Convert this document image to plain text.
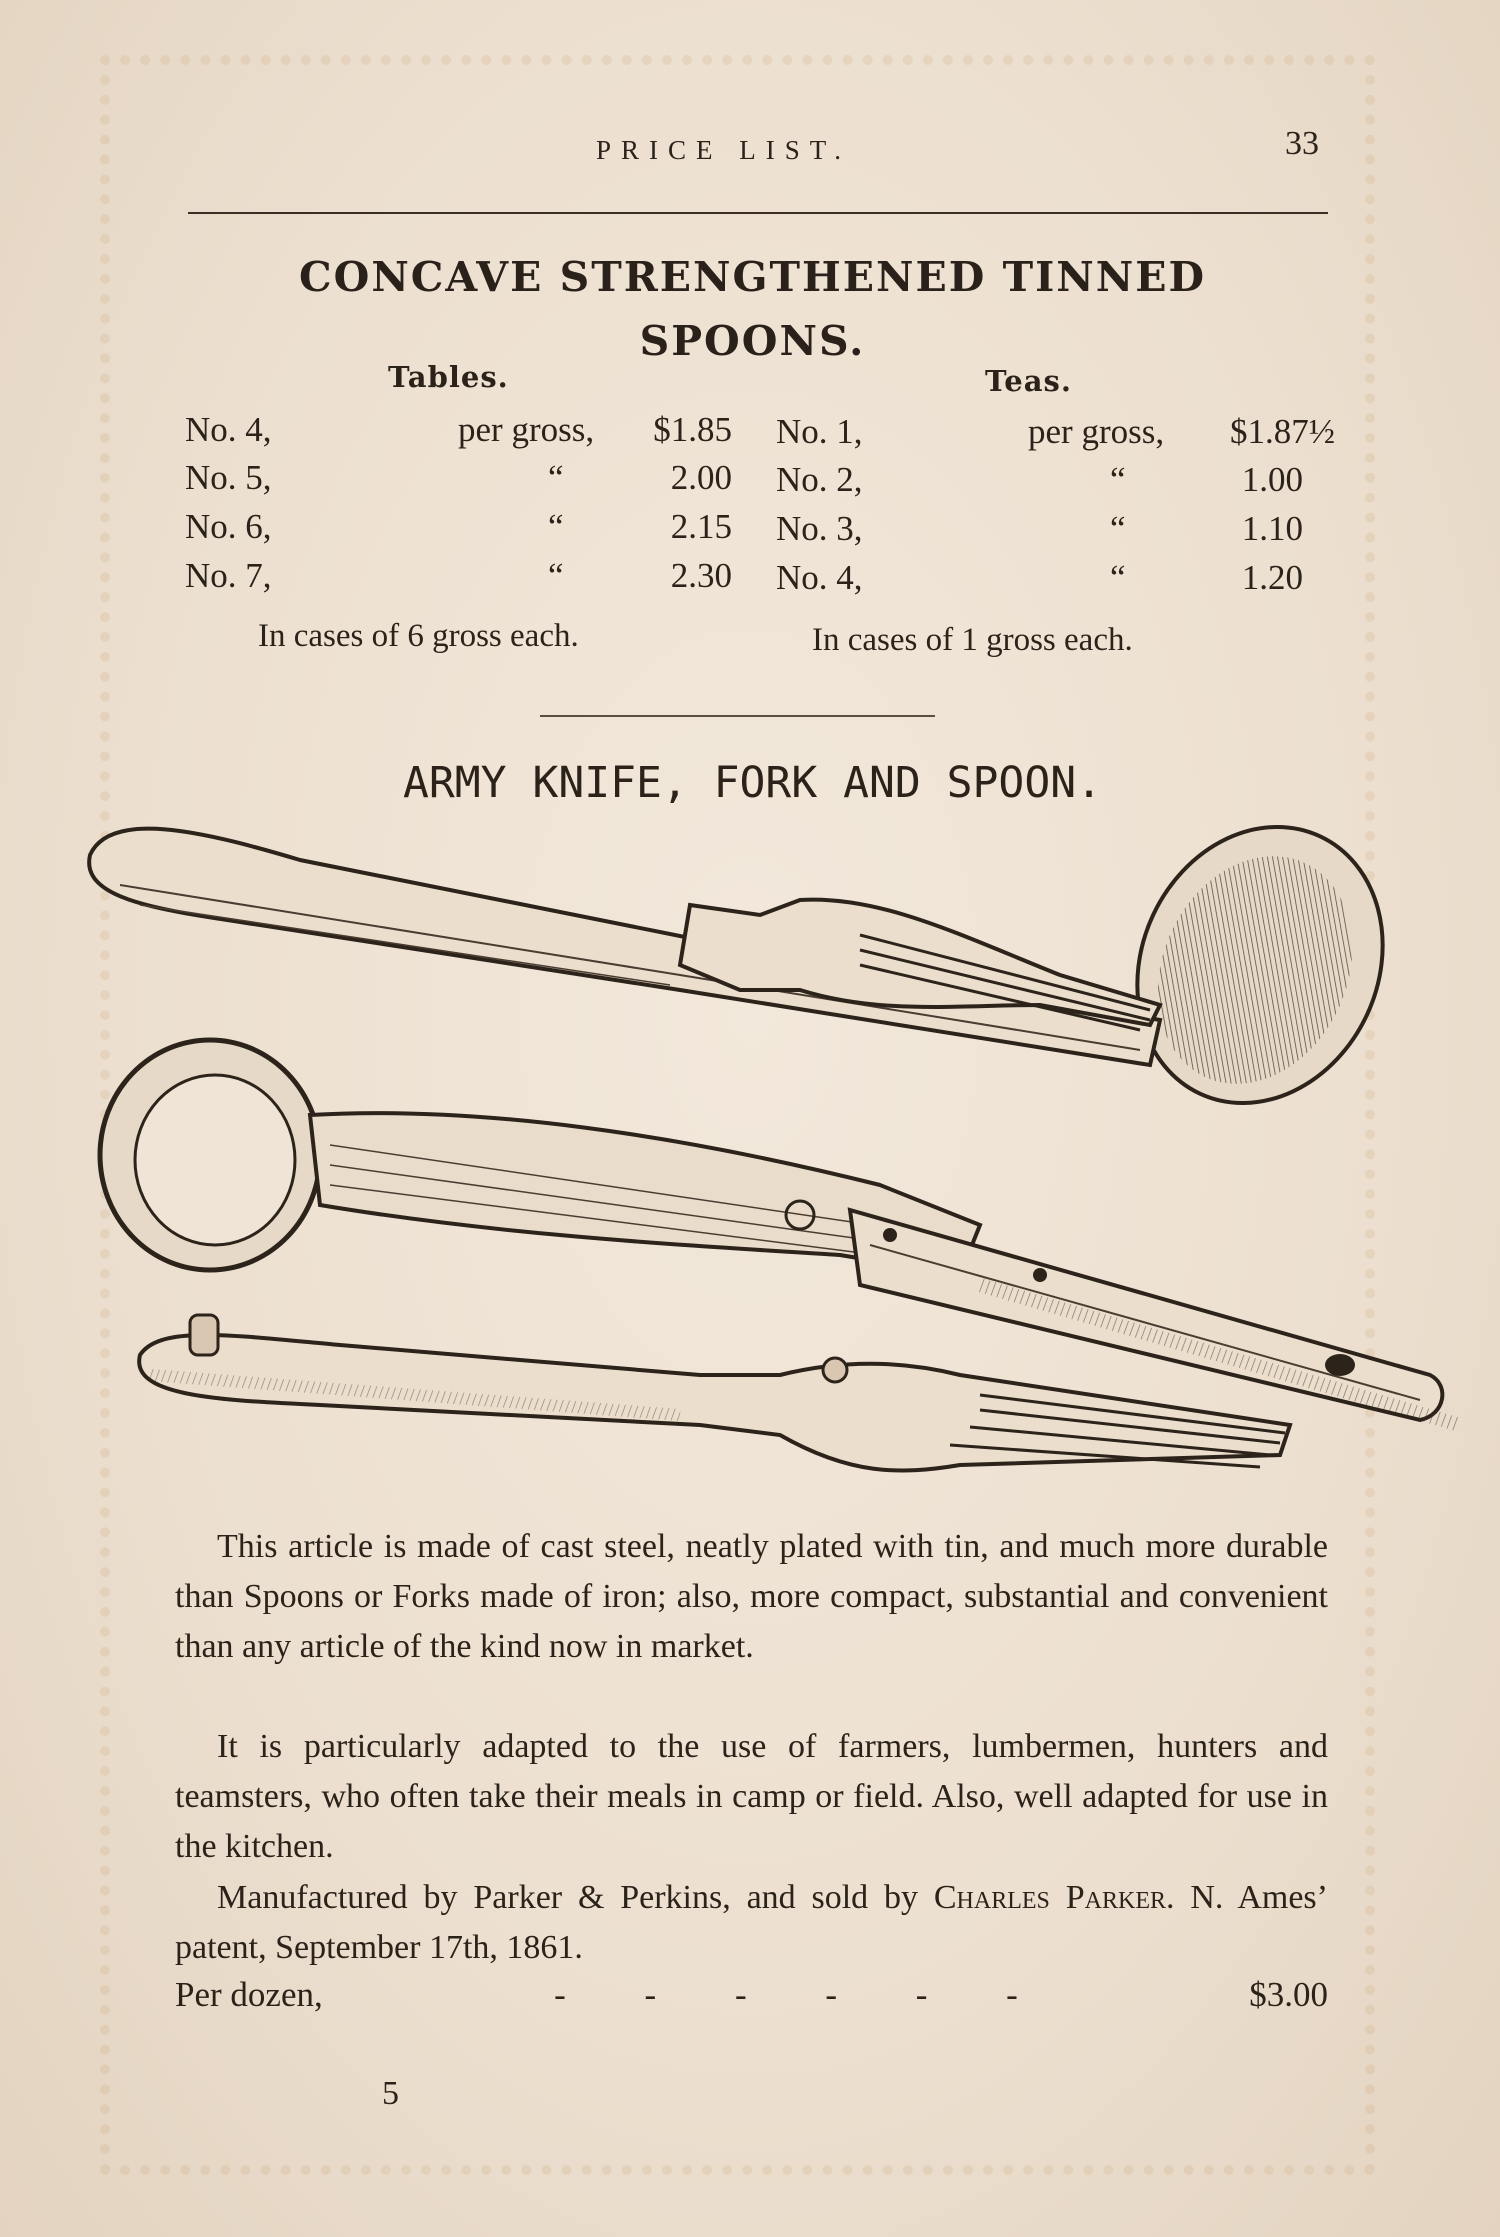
PRICE LIST.	33
CONCAVE STRENGTHENED TINNED
SPOONS.
Tables.	Teas.
No. 4,	per gross,	$1.85
No. 5,	“	2.00
No. 6,	“	2.15
No. 7,	“	2.30
No. 1,	per gross,	$1.87½
No. 2,	“	1.00
No. 3,	“	1.10
No. 4,	“	1.20
In cases of 6 gross each.	In cases of 1 gross each.
ARMY KNIFE, FORK AND SPOON.

This article is made of cast steel, neatly plated with tin, and much more durable than Spoons or Forks made of iron; also, more compact, substantial and convenient than any article of the kind now in market.

It is particularly adapted to the use of farmers, lumbermen, hunters and teamsters, who often take their meals in camp or field. Also, well adapted for use in the kitchen.

Manufactured by Parker & Perkins, and sold by Charles Parker. N. Ames’ patent, September 17th, 1861.

Per dozen,	-         -         -         -         -         -	$3.00
5
